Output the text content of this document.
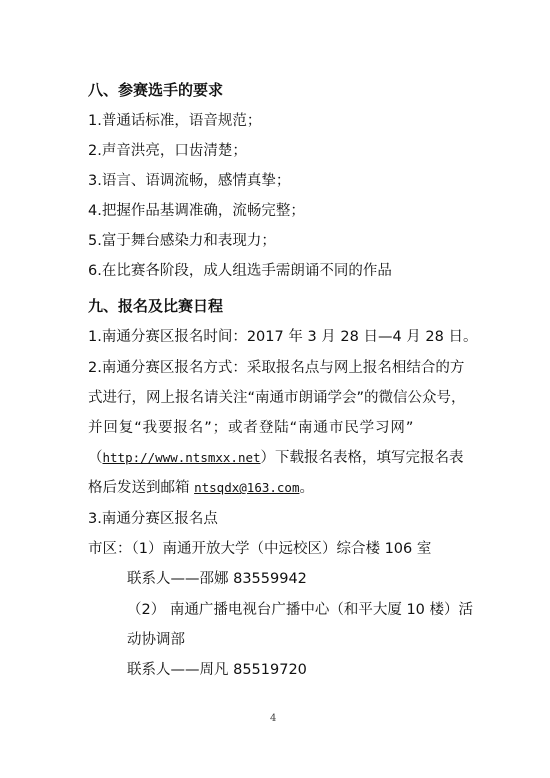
八、参赛选手的要求
1.普通话标准，语音规范；
2.声音洪亮，口齿清楚；
3.语言、语调流畅，感情真挚；
4.把握作品基调准确，流畅完整；
5.富于舞台感染力和表现力；
6.在比赛各阶段，成人组选手需朗诵不同的作品
九、报名及比赛日程
1.南通分赛区报名时间：2017 年 3 月 28 日—4 月 28 日。
2.南通分赛区报名方式：采取报名点与网上报名相结合的方
式进行，网上报名请关注“南通市朗诵学会”的微信公众号，
并回复“我要报名”；或者登陆“南通市民学习网”
（http://www.ntsmxx.net）下载报名表格，填写完报名表
格后发送到邮箱 ntsqdx@163.com。
3.南通分赛区报名点
市区：（1）南通开放大学（中远校区）综合楼 106 室
联系人——邵娜 83559942
（2） 南通广播电视台广播中心（和平大厦 10 楼）活
动协调部
联系人——周凡 85519720
4
